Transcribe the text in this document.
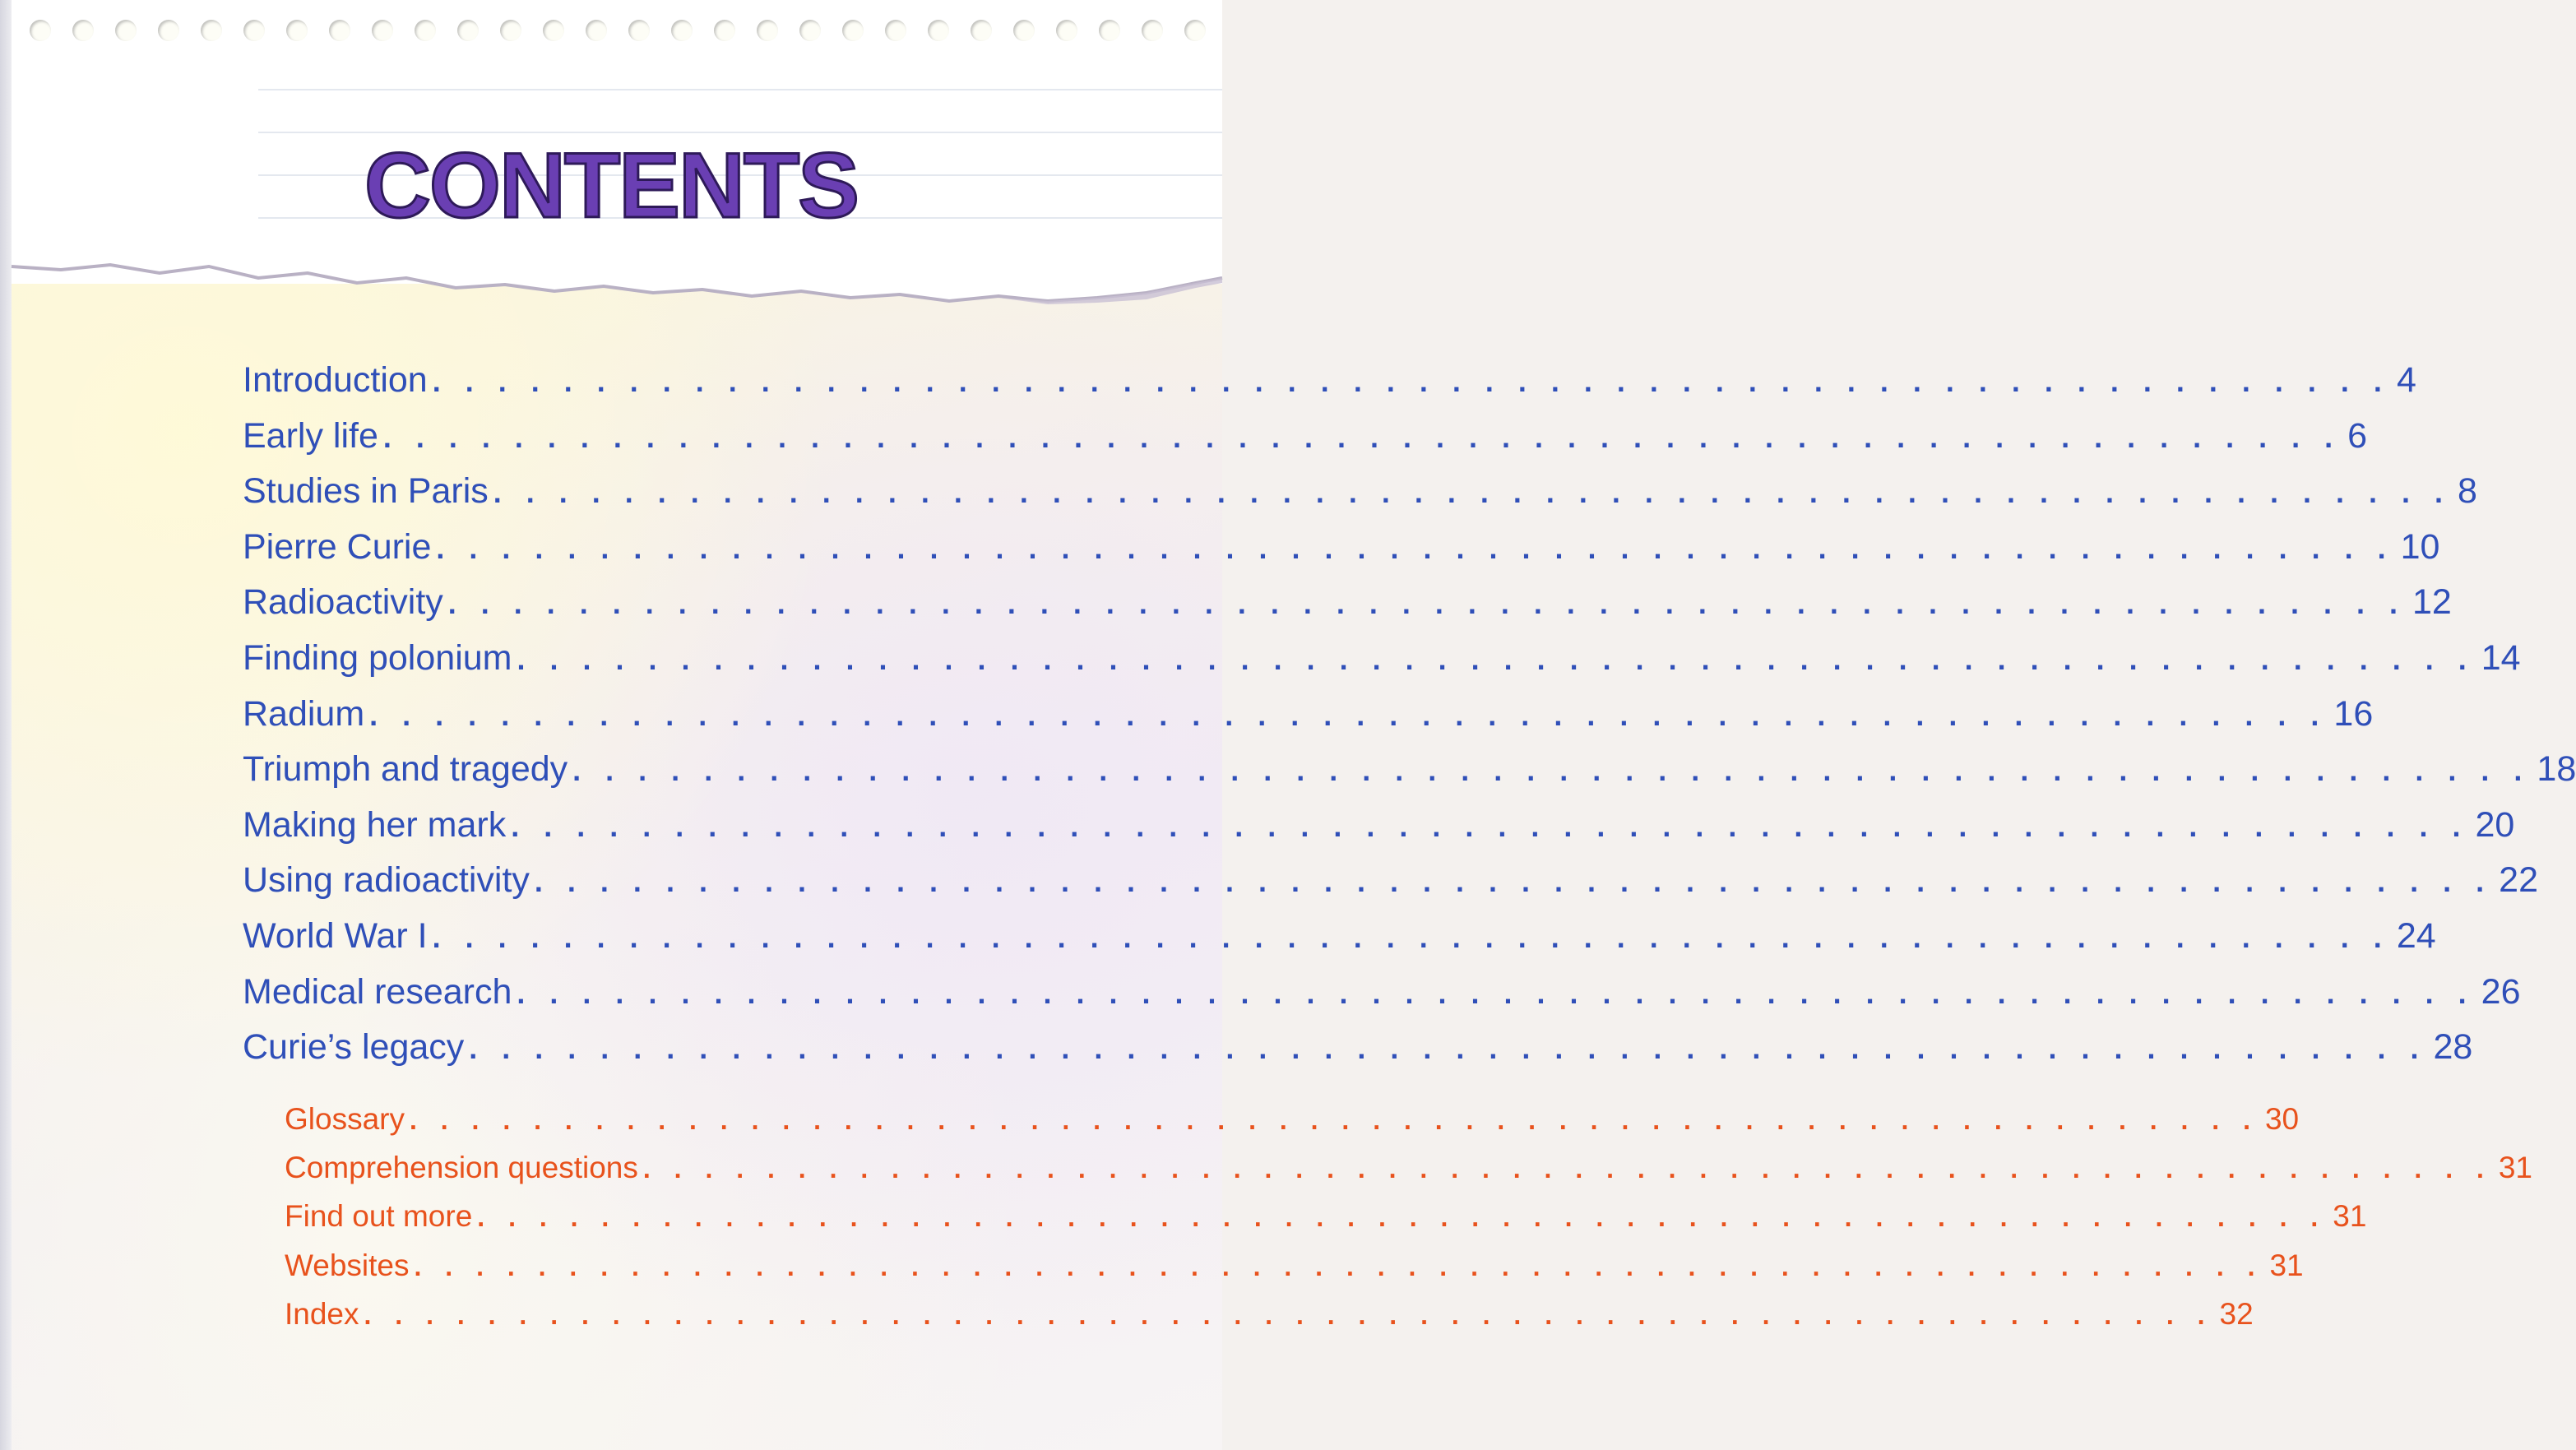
CONTENTS
Introduction . . . . . . . . . . . . . . . . . . . . . . . . . . . . . . . . . . . . . . . . . . . . . . . . . . . . . . . . . . . . 4
Early life . . . . . . . . . . . . . . . . . . . . . . . . . . . . . . . . . . . . . . . . . . . . . . . . . . . . . . . . . . . . 6
Studies in Paris . . . . . . . . . . . . . . . . . . . . . . . . . . . . . . . . . . . . . . . . . . . . . . . . . . . . . . . . . . . . 8
Pierre Curie . . . . . . . . . . . . . . . . . . . . . . . . . . . . . . . . . . . . . . . . . . . . . . . . . . . . . . . . . . . . 10
Radioactivity . . . . . . . . . . . . . . . . . . . . . . . . . . . . . . . . . . . . . . . . . . . . . . . . . . . . . . . . . . . . 12
Finding polonium . . . . . . . . . . . . . . . . . . . . . . . . . . . . . . . . . . . . . . . . . . . . . . . . . . . . . . . . . . . . 14
Radium . . . . . . . . . . . . . . . . . . . . . . . . . . . . . . . . . . . . . . . . . . . . . . . . . . . . . . . . . . . . 16
Triumph and tragedy . . . . . . . . . . . . . . . . . . . . . . . . . . . . . . . . . . . . . . . . . . . . . . . . . . . . . . . . . . . . 18
Making her mark . . . . . . . . . . . . . . . . . . . . . . . . . . . . . . . . . . . . . . . . . . . . . . . . . . . . . . . . . . . . 20
Using radioactivity . . . . . . . . . . . . . . . . . . . . . . . . . . . . . . . . . . . . . . . . . . . . . . . . . . . . . . . . . . . . 22
World War I . . . . . . . . . . . . . . . . . . . . . . . . . . . . . . . . . . . . . . . . . . . . . . . . . . . . . . . . . . . . 24
Medical research . . . . . . . . . . . . . . . . . . . . . . . . . . . . . . . . . . . . . . . . . . . . . . . . . . . . . . . . . . . . 26
Curie’s legacy . . . . . . . . . . . . . . . . . . . . . . . . . . . . . . . . . . . . . . . . . . . . . . . . . . . . . . . . . . . . 28
Glossary . . . . . . . . . . . . . . . . . . . . . . . . . . . . . . . . . . . . . . . . . . . . . . . . . . . . . . . . . . . . 30
Comprehension questions . . . . . . . . . . . . . . . . . . . . . . . . . . . . . . . . . . . . . . . . . . . . . . . . . . . . . . . . . . . . 31
Find out more . . . . . . . . . . . . . . . . . . . . . . . . . . . . . . . . . . . . . . . . . . . . . . . . . . . . . . . . . . . . 31
Websites . . . . . . . . . . . . . . . . . . . . . . . . . . . . . . . . . . . . . . . . . . . . . . . . . . . . . . . . . . . . 31
Index . . . . . . . . . . . . . . . . . . . . . . . . . . . . . . . . . . . . . . . . . . . . . . . . . . . . . . . . . . . . 32
